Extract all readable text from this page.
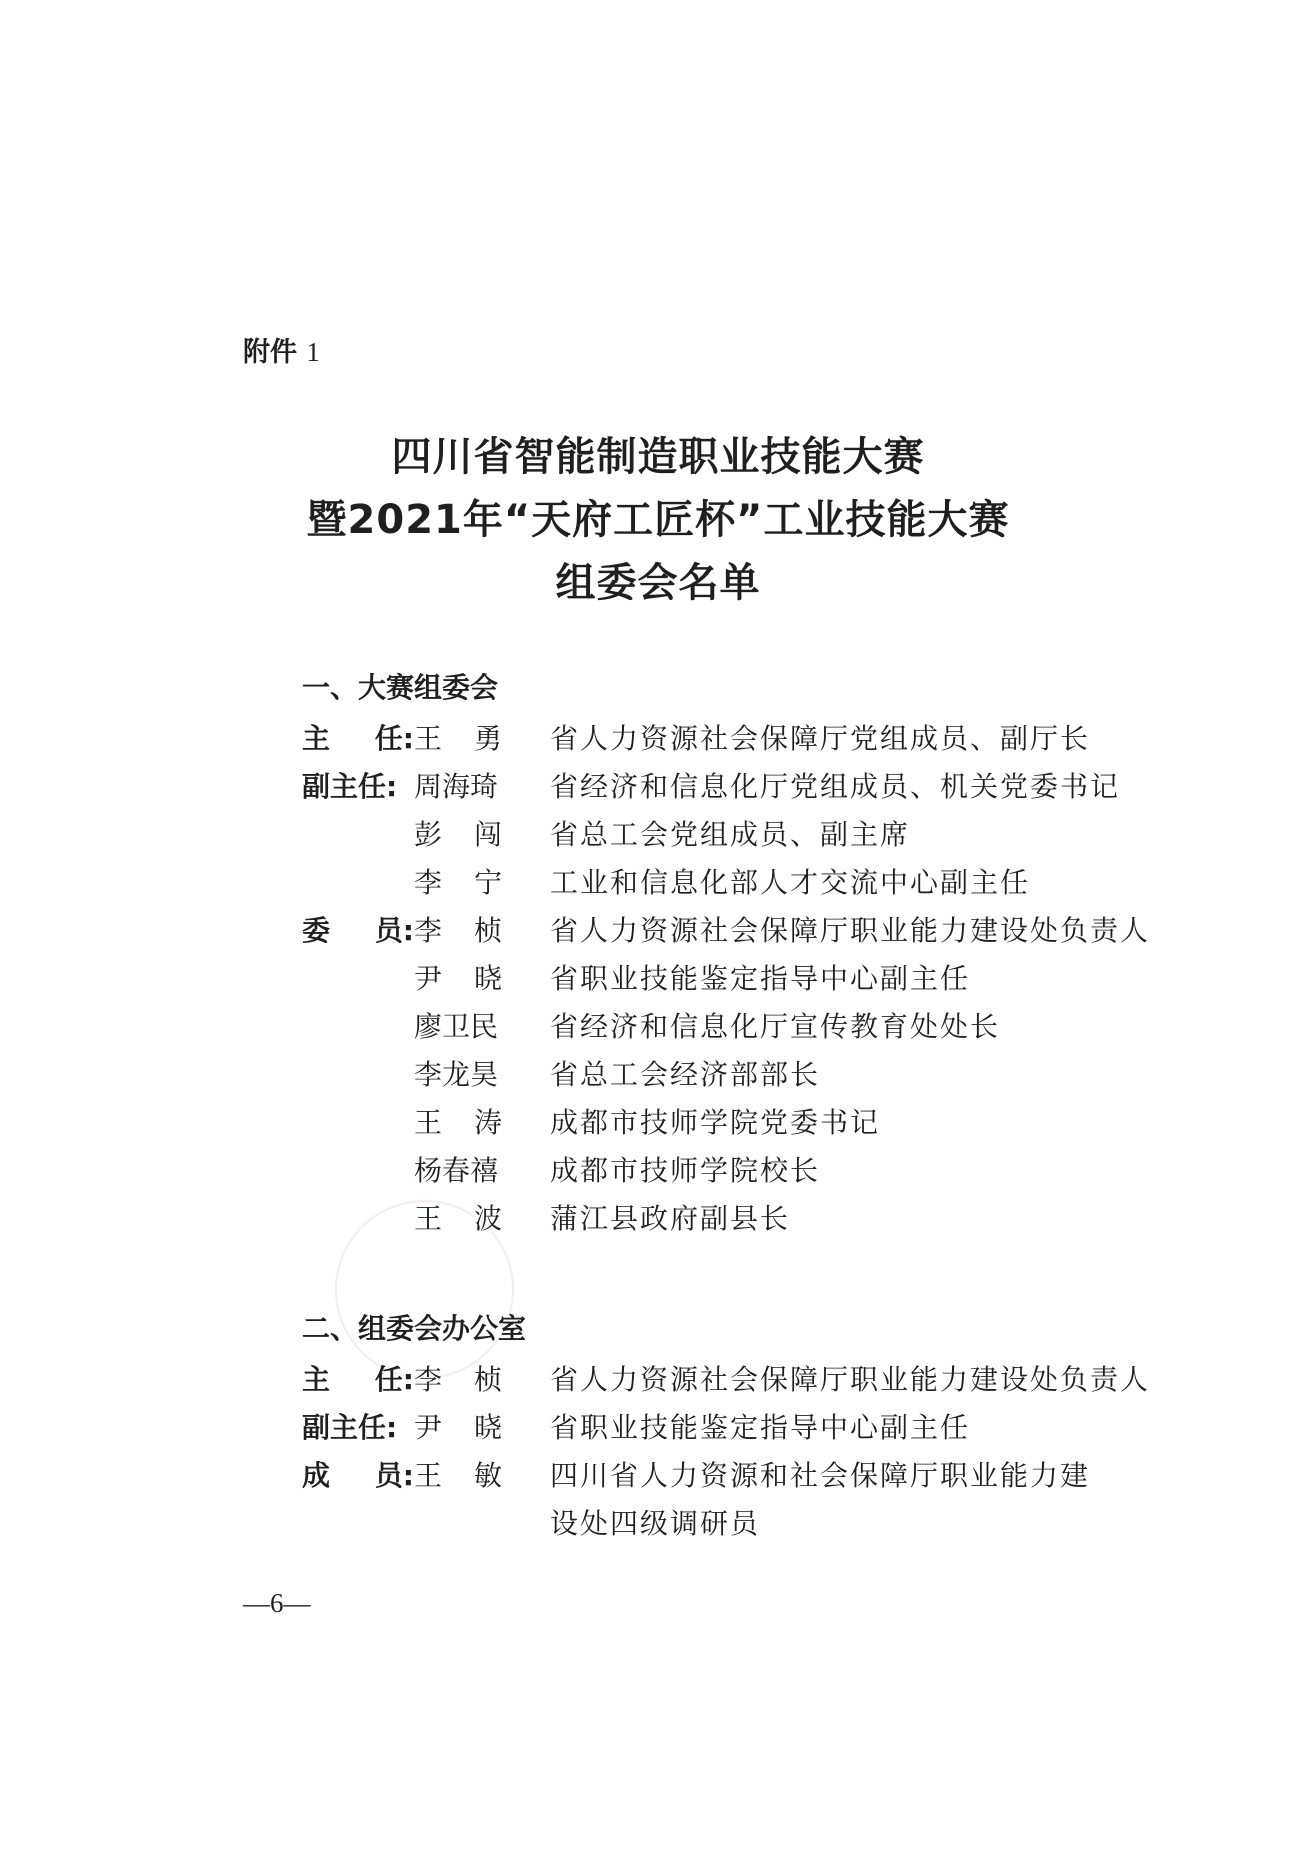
附件 1
四川省智能制造职业技能大赛
暨2021年“天府工匠杯”工业技能大赛
组委会名单
一、大赛组委会
主 任: 王 勇 省人力资源社会保障厅党组成员、副厅长
副主任: 周海琦 省经济和信息化厅党组成员、机关党委书记
彭 闯 省总工会党组成员、副主席
李 宁 工业和信息化部人才交流中心副主任
委 员: 李 桢 省人力资源社会保障厅职业能力建设处负责人
尹 晓 省职业技能鉴定指导中心副主任
廖卫民 省经济和信息化厅宣传教育处处长
李龙昊 省总工会经济部部长
王 涛 成都市技师学院党委书记
杨春禧 成都市技师学院校长
王 波 蒲江县政府副县长
二、组委会办公室
主 任: 李 桢 省人力资源社会保障厅职业能力建设处负责人
副主任: 尹 晓 省职业技能鉴定指导中心副主任
成 员: 王 敏 四川省人力资源和社会保障厅职业能力建
设处四级调研员
—6—
